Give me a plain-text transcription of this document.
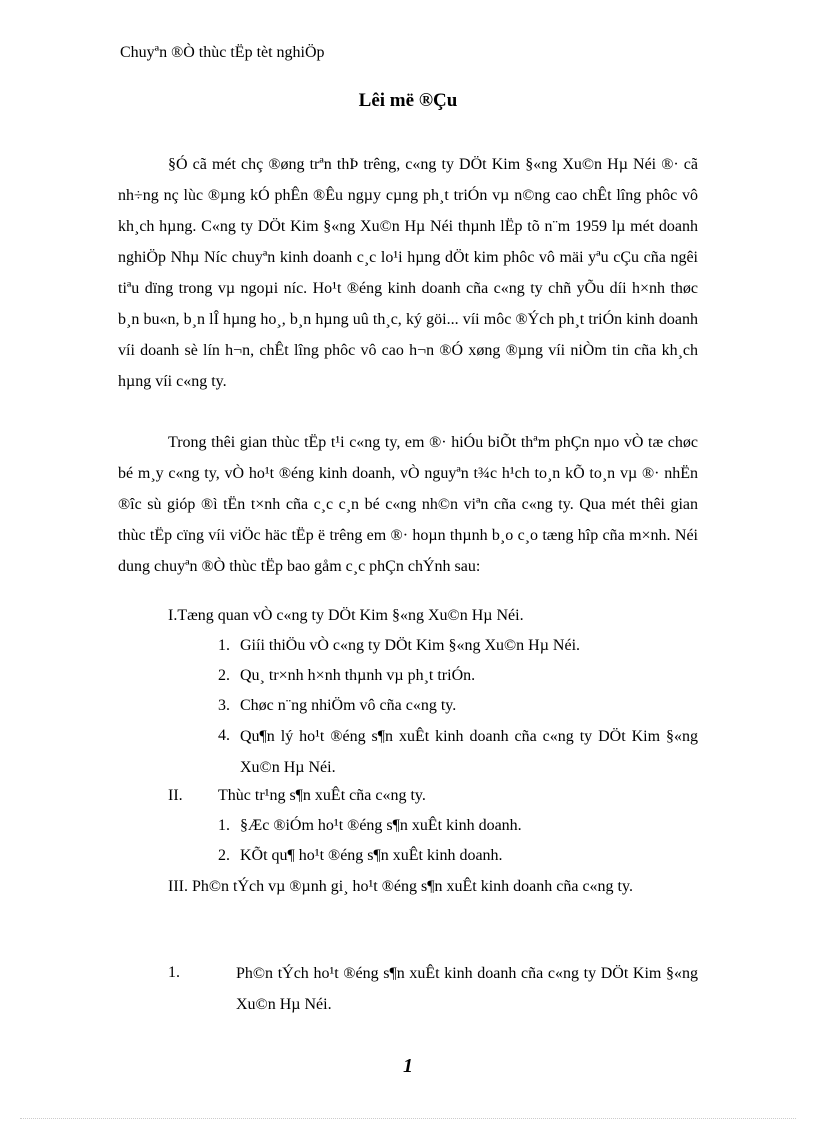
Chuyªn ®Ò thùc tËp tèt nghiÖp
Lêi më ®Çu

§Ó cã mét chç ®øng trªn thÞ trêng, c«ng ty DÖt Kim §«ng Xu©n Hµ Néi ®· cã nh÷ng nç lùc ®µng kÓ phÊn ®Êu ngµy cµng ph¸t triÓn vµ n©ng cao chÊt lîng phôc vô kh¸ch hµng. C«ng ty DÖt Kim §«ng Xu©n Hµ Néi thµnh lËp tõ n¨m 1959 lµ mét doanh nghiÖp Nhµ Níc chuyªn kinh doanh c¸c lo¹i hµng dÖt kim phôc vô mäi yªu cÇu cña ngêi tiªu dïng trong vµ ngoµi níc. Ho¹t ®éng kinh doanh cña c«ng ty chñ yÕu díi h×nh thøc b¸n bu«n, b¸n lÎ hµng ho¸, b¸n hµng uû th¸c, ký göi... víi môc ®Ých ph¸t triÓn kinh doanh víi doanh sè lín h¬n, chÊt lîng phôc vô cao h¬n ®Ó xøng ®µng víi niÒm tin cña kh¸ch hµng víi c«ng ty.

Trong thêi gian thùc tËp t¹i c«ng ty, em ®· hiÓu biÕt thªm phÇn nµo vÒ tæ chøc bé m¸y c«ng ty, vÒ ho¹t ®éng kinh doanh, vÒ nguyªn t¾c h¹ch to¸n kÕ to¸n vµ ®· nhËn ®îc sù gióp ®ì tËn t×nh cña c¸c c¸n bé c«ng nh©n viªn cña c«ng ty. Qua mét thêi gian thùc tËp cïng víi viÖc häc tËp ë trêng em ®· hoµn thµnh b¸o c¸o tæng hîp cña m×nh. Néi dung chuyªn ®Ò thùc tËp bao gåm c¸c phÇn chÝnh sau:

I.Tæng quan vÒ c«ng ty DÖt Kim §«ng Xu©n Hµ Néi.
1. Giíi thiÖu vÒ c«ng ty DÖt Kim §«ng Xu©n Hµ Néi.
2. Qu¸ tr×nh h×nh thµnh vµ ph¸t triÓn.
3. Chøc n¨ng nhiÖm vô cña c«ng ty.
4. Qu¶n lý ho¹t ®éng s¶n xuÊt kinh doanh cña c«ng ty DÖt Kim §«ng Xu©n Hµ Néi.
II. Thùc tr¹ng s¶n xuÊt cña c«ng ty.
1. §Æc ®iÓm ho¹t ®éng s¶n xuÊt kinh doanh.
2. KÕt qu¶ ho¹t ®éng s¶n xuÊt kinh doanh.

III. Ph©n tÝch vµ ®µnh gi¸ ho¹t ®éng s¶n xuÊt kinh doanh cña c«ng ty.

1.	Ph©n tÝch ho¹t ®éng s¶n xuÊt kinh doanh cña c«ng ty DÖt Kim §«ng Xu©n Hµ Néi.
1
